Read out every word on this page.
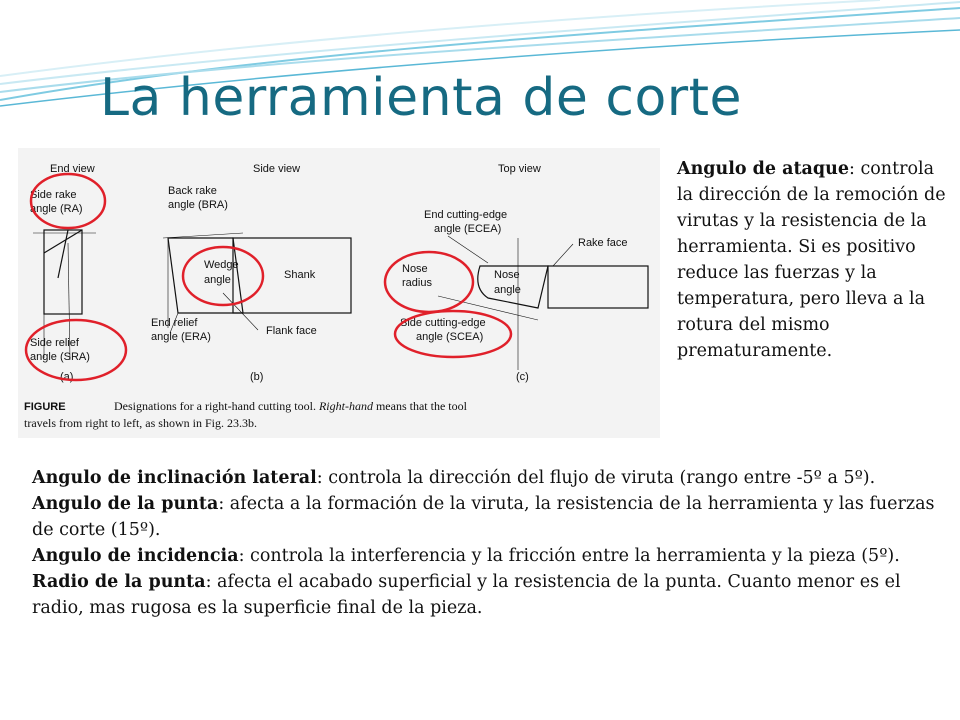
La herramienta de corte
End view	Side view	Top view
Side rake
angle (RA)
Side relief
angle (SRA)
(a)
Back rake
angle (BRA)
Wedge
angle	Shank
End relief
angle (ERA)	Flank face
(b)
End cutting-edge
angle (ECEA)
Rake face
Nose
radius
Nose
angle
Side cutting-edge
angle (SCEA)
(c)
FIGURE	Designations for a right-hand cutting tool. Right-hand means that the tool
travels from right to left, as shown in Fig. 23.3b.
Angulo de ataque: controla la dirección de la remoción de virutas y la resistencia de la herramienta. Si es positivo reduce las fuerzas y la temperatura, pero lleva a la rotura del mismo prematuramente.

Angulo de inclinación lateral: controla la dirección del flujo de viruta (rango entre -5º a 5º).

Angulo de la punta: afecta a la formación de la viruta, la resistencia de la herramienta y las fuerzas de corte (15º).

Angulo de incidencia: controla la interferencia y la fricción entre la herramienta y la pieza (5º).

Radio de la punta: afecta el acabado superficial y la resistencia de la punta. Cuanto menor es el radio, mas rugosa es la superficie final de la pieza.
